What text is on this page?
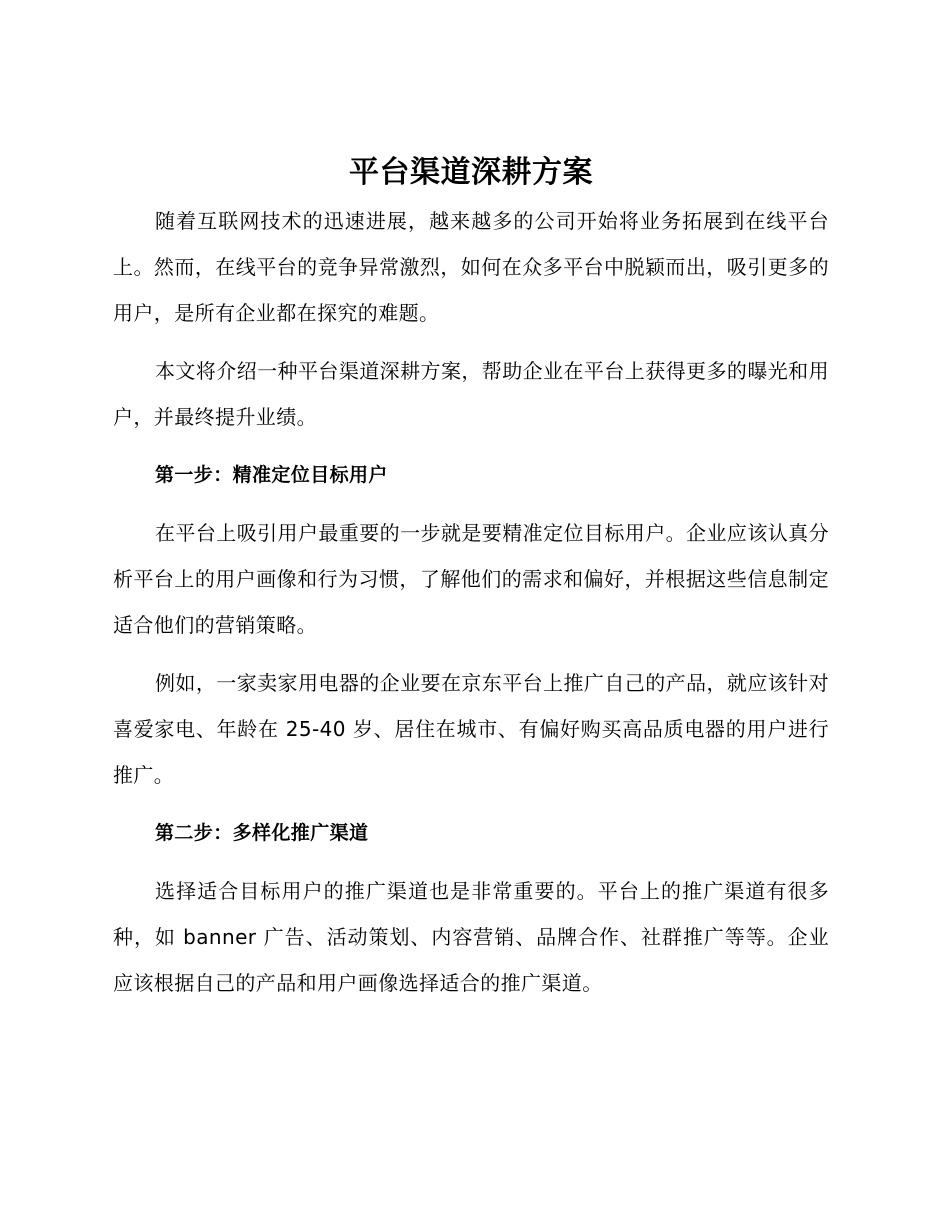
平台渠道深耕方案

随着互联网技术的迅速进展，越来越多的公司开始将业务拓展到在线平台上。然而，在线平台的竞争异常激烈，如何在众多平台中脱颖而出，吸引更多的用户，是所有企业都在探究的难题。

本文将介绍一种平台渠道深耕方案，帮助企业在平台上获得更多的曝光和用户，并最终提升业绩。

第一步：精准定位目标用户

在平台上吸引用户最重要的一步就是要精准定位目标用户。企业应该认真分析平台上的用户画像和行为习惯，了解他们的需求和偏好，并根据这些信息制定适合他们的营销策略。

例如，一家卖家用电器的企业要在京东平台上推广自己的产品，就应该针对喜爱家电、年龄在 25-40 岁、居住在城市、有偏好购买高品质电器的用户进行推广。

第二步：多样化推广渠道

选择适合目标用户的推广渠道也是非常重要的。平台上的推广渠道有很多种，如 banner 广告、活动策划、内容营销、品牌合作、社群推广等等。企业应该根据自己的产品和用户画像选择适合的推广渠道。
